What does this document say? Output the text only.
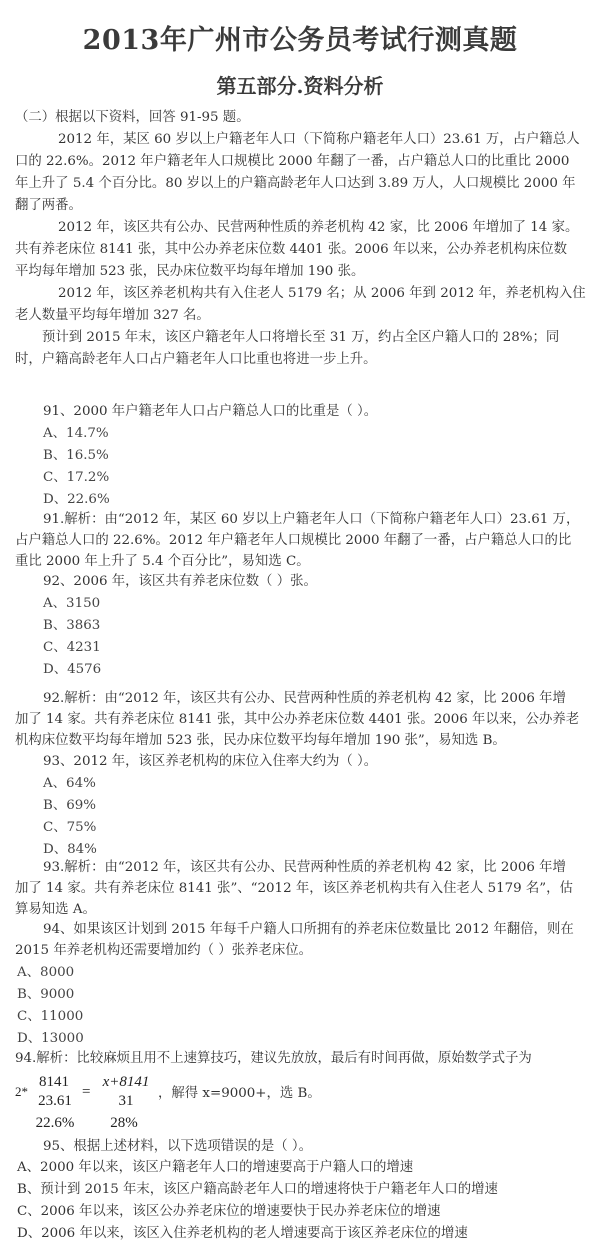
2013年广州市公务员考试行测真题
第五部分.资料分析
（二）根据以下资料，回答 91-95 题。
2012 年，某区 60 岁以上户籍老年人口（下简称户籍老年人口）23.61 万，占户籍总人
口的 22.6%。2012 年户籍老年人口规模比 2000 年翻了一番，占户籍总人口的比重比 2000
年上升了 5.4 个百分比。80 岁以上的户籍高龄老年人口达到 3.89 万人，人口规模比 2000 年
翻了两番。
2012 年，该区共有公办、民营两种性质的养老机构 42 家，比 2006 年增加了 14 家。
共有养老床位 8141 张，其中公办养老床位数 4401 张。2006 年以来，公办养老机构床位数
平均每年增加 523 张，民办床位数平均每年增加 190 张。
2012 年，该区养老机构共有入住老人 5179 名；从 2006 年到 2012 年，养老机构入住
老人数量平均每年增加 327 名。
预计到 2015 年末，该区户籍老年人口将增长至 31 万，约占全区户籍人口的 28%；同
时，户籍高龄老年人口占户籍老年人口比重也将进一步上升。
91、2000 年户籍老年人口占户籍总人口的比重是（ ）。
A、14.7%
B、16.5%
C、17.2%
D、22.6%
91.解析：由“2012 年，某区 60 岁以上户籍老年人口（下简称户籍老年人口）23.61 万，
占户籍总人口的 22.6%。2012 年户籍老年人口规模比 2000 年翻了一番，占户籍总人口的比
重比 2000 年上升了 5.4 个百分比”，易知选 C。
92、2006 年，该区共有养老床位数（ ）张。
A、3150
B、3863
C、4231
D、4576
92.解析：由“2012 年，该区共有公办、民营两种性质的养老机构 42 家，比 2006 年增
加了 14 家。共有养老床位 8141 张，其中公办养老床位数 4401 张。2006 年以来，公办养老
机构床位数平均每年增加 523 张，民办床位数平均每年增加 190 张”，易知选 B。
93、2012 年，该区养老机构的床位入住率大约为（ ）。
A、64%
B、69%
C、75%
D、84%
93.解析：由“2012 年，该区共有公办、民营两种性质的养老机构 42 家，比 2006 年增
加了 14 家。共有养老床位 8141 张”、“2012 年，该区养老机构共有入住老人 5179 名”，估
算易知选 A。
94、如果该区计划到 2015 年每千户籍人口所拥有的养老床位数量比 2012 年翻倍，则在
2015 年养老机构还需要增加约（ ）张养老床位。
A、8000
B、9000
C、11000
D、13000
94.解析：比较麻烦且用不上速算技巧，建议先放放，最后有时间再做，原始数学式子为
2*
8141
23.61
22.6%
=
x+8141
31
28%
，解得 x=9000+，选 B。
95、根据上述材料，以下选项错误的是（ ）。
A、2000 年以来，该区户籍老年人口的增速要高于户籍人口的增速
B、预计到 2015 年末，该区户籍高龄老年人口的增速将快于户籍老年人口的增速
C、2006 年以来，该区公办养老床位的增速要快于民办养老床位的增速
D、2006 年以来，该区入住养老机构的老人增速要高于该区养老床位的增速
